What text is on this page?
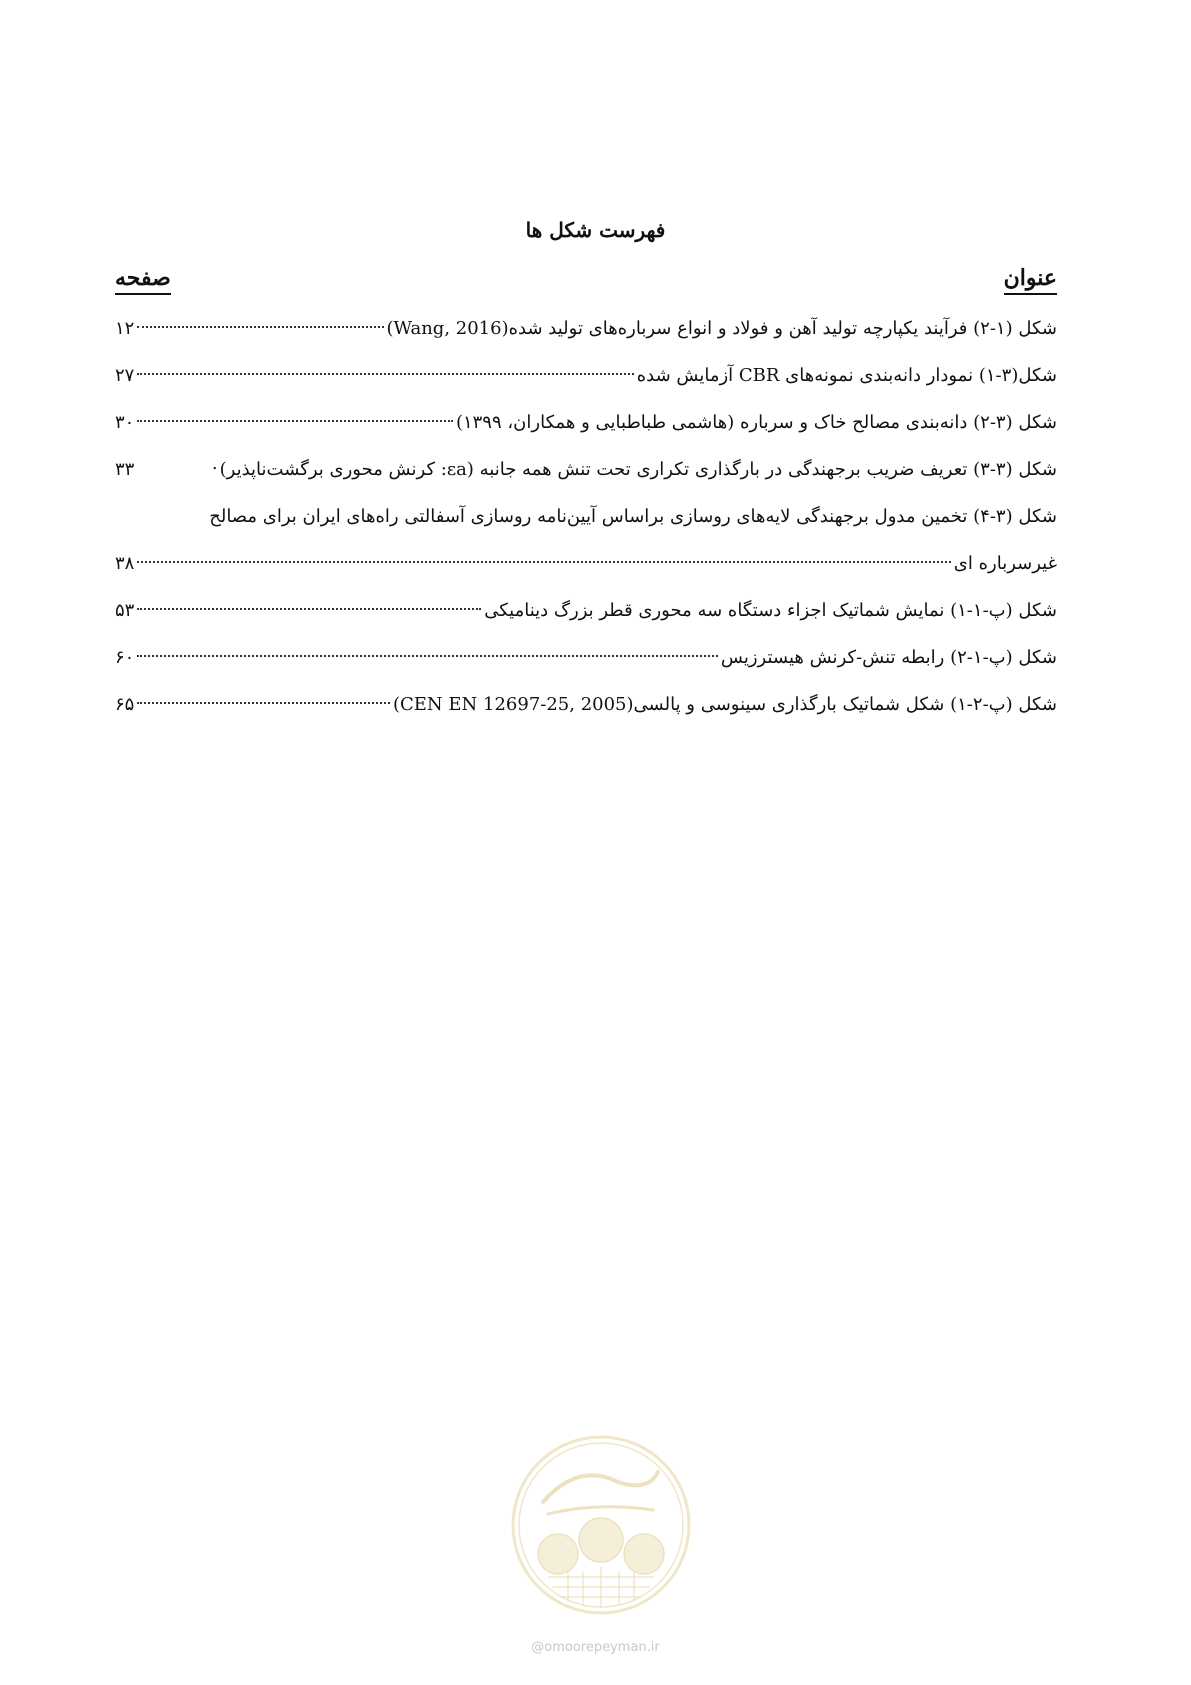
فهرست شکل ها
عنوان
صفحه
شکل (۱-۲) فرآیند یکپارچه تولید آهن و فولاد و انواع سرباره‌های تولید شده(Wang, 2016)
۱۲
شکل(۳-۱) نمودار دانه‌بندی نمونه‌های CBR آزمایش شده
۲۷
شکل (۳-۲) دانه‌بندی مصالح خاک و سرباره (هاشمی طباطبایی و همکاران، ۱۳۹۹)
۳۰
شکل (۳-۳) تعریف ضریب برجهندگی در بارگذاری تکراری تحت تنش همه جانبه (εa: کرنش محوری برگشت‌ناپذیر)
.
۳۳
شکل (۳-۴) تخمین مدول برجهندگی لایه‌های روسازی براساس آیین‌نامه روسازی آسفالتی راه‌های ایران برای مصالح
غیرسرباره ای
۳۸
شکل (پ-۱-۱) نمایش شماتیک اجزاء دستگاه سه محوری قطر بزرگ دینامیکی
۵۳
شکل (پ-۱-۲) رابطه تنش-کرنش هیسترزیس
۶۰
شکل (پ-۲-۱) شکل شماتیک بارگذاری سینوسی و پالسی(CEN EN 12697-25, 2005)
۶۵
@omoorepeyman.ir
